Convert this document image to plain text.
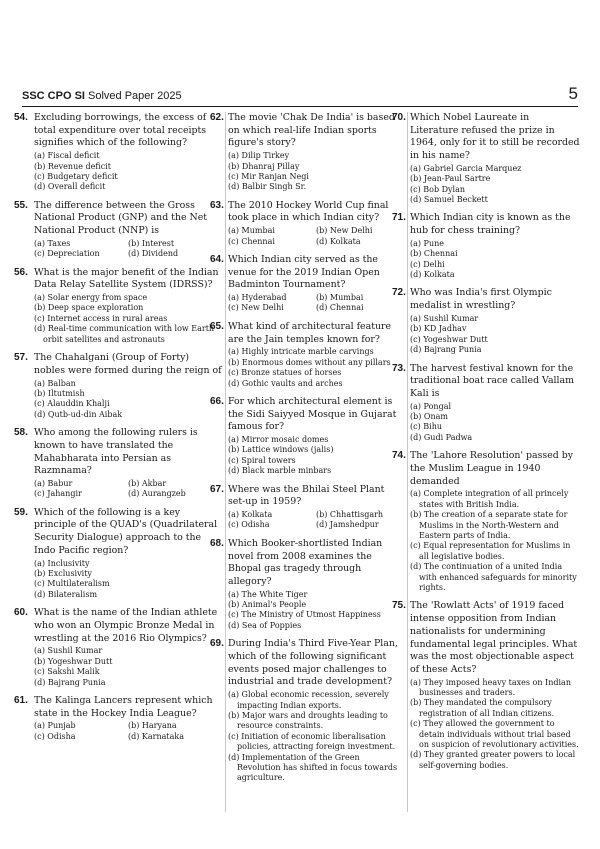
SSC CPO SI Solved Paper 2025	5
54. Excluding borrowings, the excess of total expenditure over total receipts signifies which of the following?
(a) Fiscal deficit
(b) Revenue deficit
(c) Budgetary deficit
(d) Overall deficit
55. The difference between the Gross National Product (GNP) and the Net National Product (NNP) is
(a) Taxes	(b) Interest
(c) Depreciation	(d) Dividend
56. What is the major benefit of the Indian Data Relay Satellite System (IDRSS)?
(a) Solar energy from space
(b) Deep space exploration
(c) Internet access in rural areas
(d) Real-time communication with low Earth orbit satellites and astronauts
57. The Chahalgani (Group of Forty) nobles were formed during the reign of
(a) Balban
(b) Iltutmish
(c) Alauddin Khalji
(d) Qutb-ud-din Aibak
58. Who among the following rulers is known to have translated the Mahabharata into Persian as Razmnama?
(a) Babur	(b) Akbar
(c) Jahangir	(d) Aurangzeb
59. Which of the following is a key principle of the QUAD's (Quadrilateral Security Dialogue) approach to the Indo Pacific region?
(a) Inclusivity
(b) Exclusivity
(c) Multilateralism
(d) Bilateralism
60. What is the name of the Indian athlete who won an Olympic Bronze Medal in wrestling at the 2016 Rio Olympics?
(a) Sushil Kumar
(b) Yogeshwar Dutt
(c) Sakshi Malik
(d) Bajrang Punia
61. The Kalinga Lancers represent which state in the Hockey India League?
(a) Punjab	(b) Haryana
(c) Odisha	(d) Karnataka
62. The movie 'Chak De India' is based on which real-life Indian sports figure's story?
(a) Dilip Tirkey
(b) Dhanraj Pillay
(c) Mir Ranjan Negi
(d) Balbir Singh Sr.
63. The 2010 Hockey World Cup final took place in which Indian city?
(a) Mumbai	(b) New Delhi
(c) Chennai	(d) Kolkata
64. Which Indian city served as the venue for the 2019 Indian Open Badminton Tournament?
(a) Hyderabad	(b) Mumbai
(c) New Delhi	(d) Chennai
65. What kind of architectural feature are the Jain temples known for?
(a) Highly intricate marble carvings
(b) Enormous domes without any pillars
(c) Bronze statues of horses
(d) Gothic vaults and arches
66. For which architectural element is the Sidi Saiyyed Mosque in Gujarat famous for?
(a) Mirror mosaic domes
(b) Lattice windows (jalis)
(c) Spiral towers
(d) Black marble minbars
67. Where was the Bhilai Steel Plant set-up in 1959?
(a) Kolkata	(b) Chhattisgarh
(c) Odisha	(d) Jamshedpur
68. Which Booker-shortlisted Indian novel from 2008 examines the Bhopal gas tragedy through allegory?
(a) The White Tiger
(b) Animal's People
(c) The Ministry of Utmost Happiness
(d) Sea of Poppies
69. During India's Third Five-Year Plan, which of the following significant events posed major challenges to industrial and trade development?
(a) Global economic recession, severely impacting Indian exports.
(b) Major wars and droughts leading to resource constraints.
(c) Initiation of economic liberalisation policies, attracting foreign investment.
(d) Implementation of the Green Revolution has shifted in focus towards agriculture.
70. Which Nobel Laureate in Literature refused the prize in 1964, only for it to still be recorded in his name?
(a) Gabriel Garcia Marquez
(b) Jean-Paul Sartre
(c) Bob Dylan
(d) Samuel Beckett
71. Which Indian city is known as the hub for chess training?
(a) Pune
(b) Chennai
(c) Delhi
(d) Kolkata
72. Who was India's first Olympic medalist in wrestling?
(a) Sushil Kumar
(b) KD Jadhav
(c) Yogeshwar Dutt
(d) Bajrang Punia
73. The harvest festival known for the traditional boat race called Vallam Kali is
(a) Pongal
(b) Onam
(c) Bihu
(d) Gudi Padwa
74. The 'Lahore Resolution' passed by the Muslim League in 1940 demanded
(a) Complete integration of all princely states with British India.
(b) The creation of a separate state for Muslims in the North-Western and Eastern parts of India.
(c) Equal representation for Muslims in all legislative bodies.
(d) The continuation of a united India with enhanced safeguards for minority rights.
75. The 'Rowlatt Acts' of 1919 faced intense opposition from Indian nationalists for undermining fundamental legal principles. What was the most objectionable aspect of these Acts?
(a) They imposed heavy taxes on Indian businesses and traders.
(b) They mandated the compulsory registration of all Indian citizens.
(c) They allowed the government to detain individuals without trial based on suspicion of revolutionary activities.
(d) They granted greater powers to local self-governing bodies.
